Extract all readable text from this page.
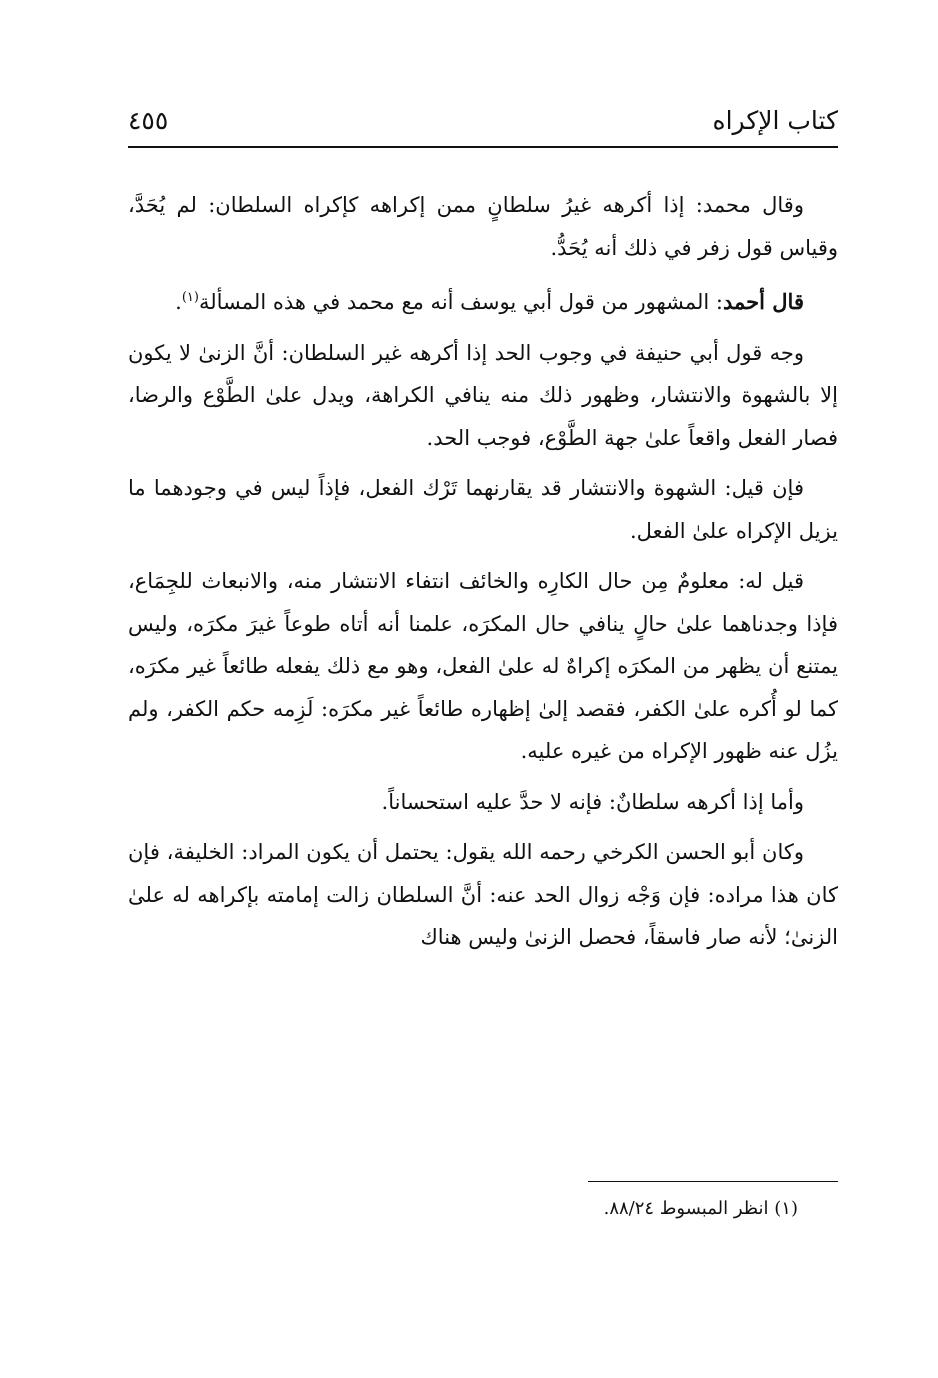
كتاب الإكراه
٤٥٥

وقال محمد: إذا أكرهه غيرُ سلطانٍ ممن إكراهه كإكراه السلطان: لم يُحَدَّ، وقياس قول زفر في ذلك أنه يُحَدُّ.

قال أحمد: المشهور من قول أبي يوسف أنه مع محمد في هذه المسألة$^{(١)}$.

وجه قول أبي حنيفة في وجوب الحد إذا أكرهه غير السلطان: أنَّ الزنىٰ لا يكون إلا بالشهوة والانتشار، وظهور ذلك منه ينافي الكراهة، ويدل علىٰ الطَّوْع والرضا، فصار الفعل واقعاً علىٰ جهة الطَّوْع، فوجب الحد.

فإن قيل: الشهوة والانتشار قد يقارنهما تَرْك الفعل، فإذاً ليس في وجودهما ما يزيل الإكراه علىٰ الفعل.

قيل له: معلومٌ مِن حال الكارِه والخائف انتفاء الانتشار منه، والانبعاث للجِمَاع، فإذا وجدناهما علىٰ حالٍ ينافي حال المكرَه، علمنا أنه أتاه طوعاً غيرَ مكرَه، وليس يمتنع أن يظهر من المكرَه إكراهٌ له علىٰ الفعل، وهو مع ذلك يفعله طائعاً غير مكرَه، كما لو أُكره علىٰ الكفر، فقصد إلىٰ إظهاره طائعاً غير مكرَه: لَزِمه حكم الكفر، ولم يزُل عنه ظهور الإكراه من غيره عليه.

وأما إذا أكرهه سلطانٌ: فإنه لا حدَّ عليه استحساناً.

وكان أبو الحسن الكرخي رحمه الله يقول: يحتمل أن يكون المراد: الخليفة، فإن كان هذا مراده: فإن وَجْه زوال الحد عنه: أنَّ السلطان زالت إمامته بإكراهه له علىٰ الزنىٰ؛ لأنه صار فاسقاً، فحصل الزنىٰ وليس هناك

(١) انظر المبسوط ٨٨/٢٤.
